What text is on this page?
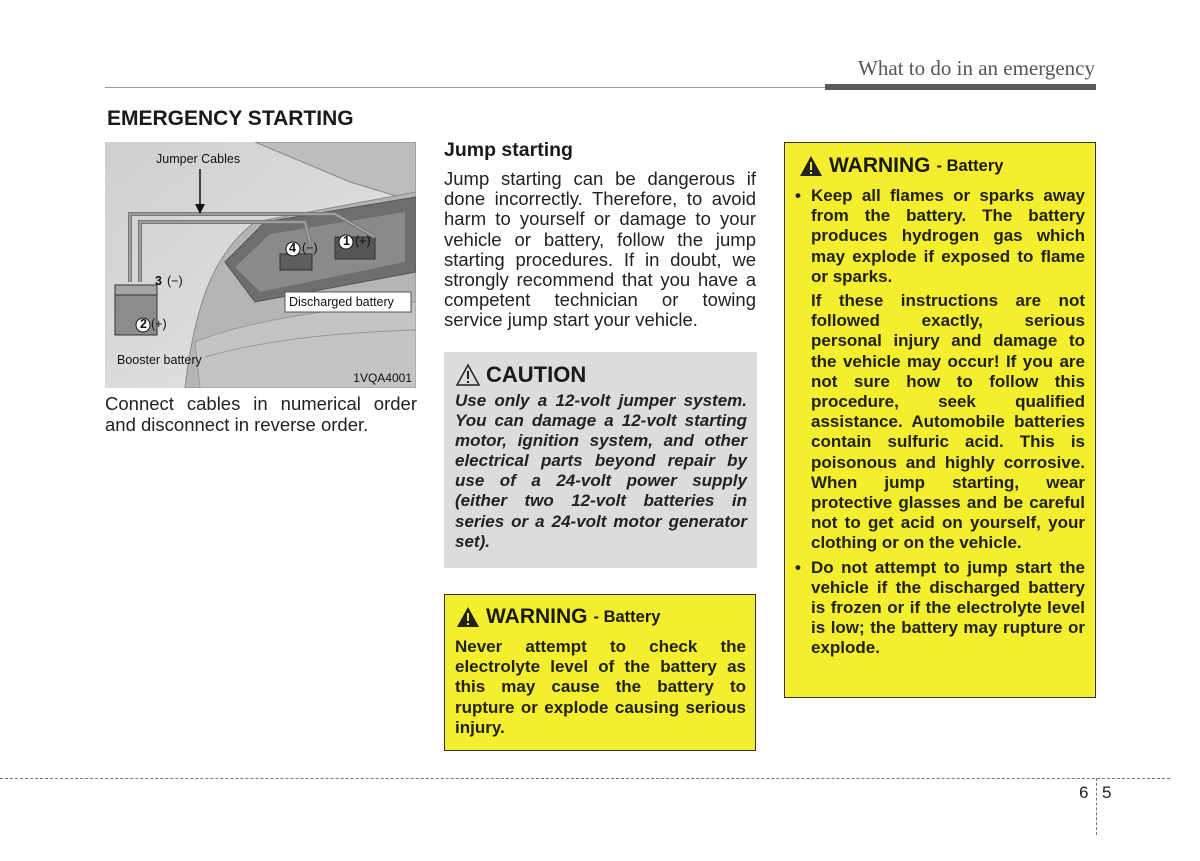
What to do in an emergency
EMERGENCY STARTING
Jumper Cables
4 (−) 1 (+)
3 (−)
2 (+)
Discharged battery
Booster battery
1VQA4001
Connect cables in numerical order and disconnect in reverse order.
Jump starting
Jump starting can be dangerous if done incorrectly. Therefore, to avoid harm to yourself or damage to your vehicle or battery, follow the jump starting procedures. If in doubt, we strongly recommend that you have a competent technician or towing service jump start your vehicle.
CAUTION
Use only a 12-volt jumper system. You can damage a 12-volt starting motor, ignition system, and other electrical parts beyond repair by use of a 24-volt power supply (either two 12-volt batteries in series or a 24-volt motor generator set).
WARNING - Battery
Never attempt to check the electrolyte level of the battery as this may cause the battery to rupture or explode causing serious injury.
WARNING - Battery
• Keep all flames or sparks away from the battery. The battery produces hydrogen gas which may explode if exposed to flame or sparks.

If these instructions are not followed exactly, serious personal injury and damage to the vehicle may occur! If you are not sure how to follow this procedure, seek qualified assistance. Automobile batteries contain sulfuric acid. This is poisonous and highly corrosive. When jump starting, wear protective glasses and be careful not to get acid on yourself, your clothing or on the vehicle.

• Do not attempt to jump start the vehicle if the discharged battery is frozen or if the electrolyte level is low; the battery may rupture or explode.
6 5
